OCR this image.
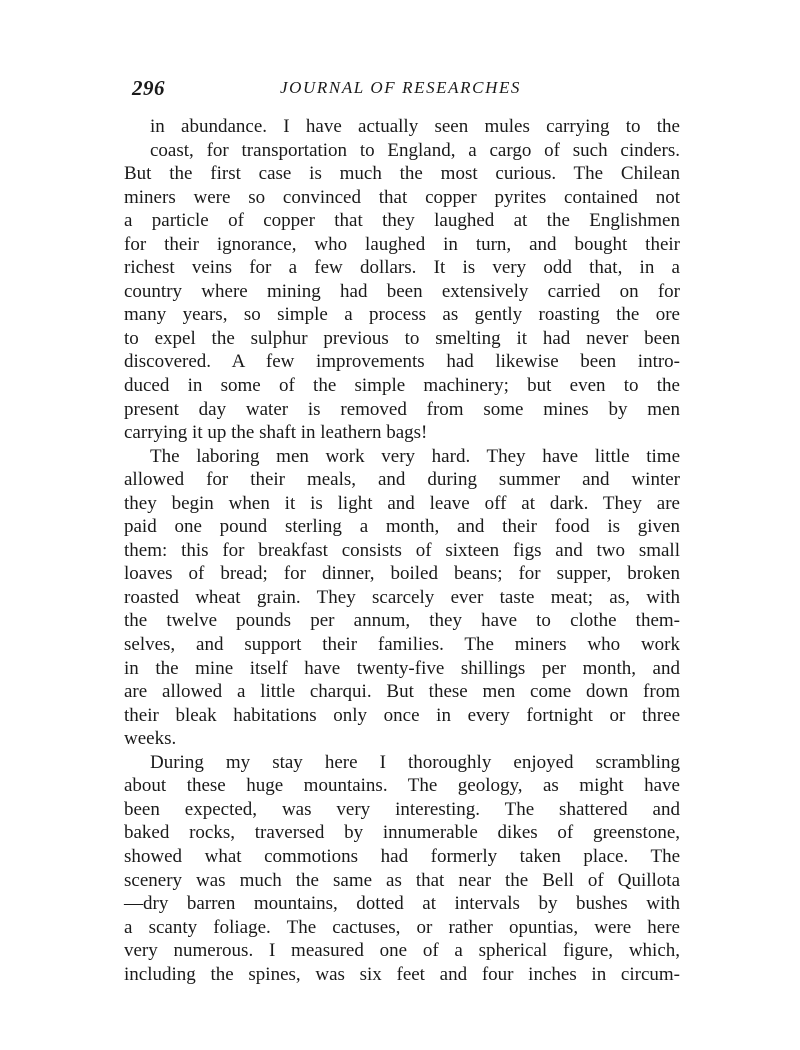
296	JOURNAL OF RESEARCHES
in abundance. I have actually seen mules carrying to the
coast, for transportation to England, a cargo of such cinders.
But the first case is much the most curious. The Chilean
miners were so convinced that copper pyrites contained not
a particle of copper that they laughed at the Englishmen
for their ignorance, who laughed in turn, and bought their
richest veins for a few dollars. It is very odd that, in a
country where mining had been extensively carried on for
many years, so simple a process as gently roasting the ore
to expel the sulphur previous to smelting it had never been
discovered. A few improvements had likewise been intro-
duced in some of the simple machinery; but even to the
present day water is removed from some mines by men
carrying it up the shaft in leathern bags!
The laboring men work very hard. They have little time
allowed for their meals, and during summer and winter
they begin when it is light and leave off at dark. They are
paid one pound sterling a month, and their food is given
them: this for breakfast consists of sixteen figs and two small
loaves of bread; for dinner, boiled beans; for supper, broken
roasted wheat grain. They scarcely ever taste meat; as, with
the twelve pounds per annum, they have to clothe them-
selves, and support their families. The miners who work
in the mine itself have twenty-five shillings per month, and
are allowed a little charqui. But these men come down from
their bleak habitations only once in every fortnight or three
weeks.
During my stay here I thoroughly enjoyed scrambling
about these huge mountains. The geology, as might have
been expected, was very interesting. The shattered and
baked rocks, traversed by innumerable dikes of greenstone,
showed what commotions had formerly taken place. The
scenery was much the same as that near the Bell of Quillota
—dry barren mountains, dotted at intervals by bushes with
a scanty foliage. The cactuses, or rather opuntias, were here
very numerous. I measured one of a spherical figure, which,
including the spines, was six feet and four inches in circum-
